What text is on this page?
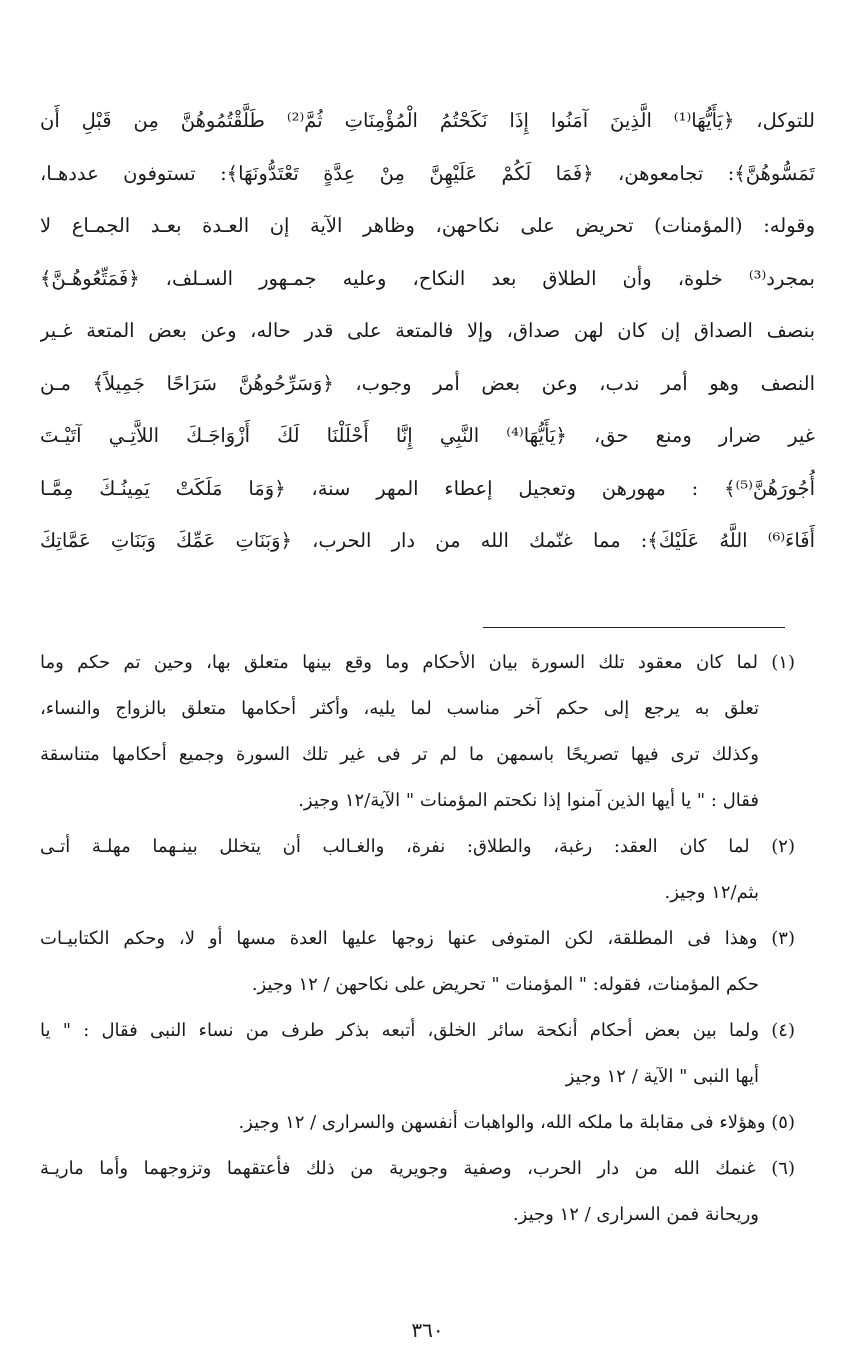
للتوكل، ﴿يَأَيُّهَا⁽¹⁾ الَّذِينَ آمَنُوا إِذَا نَكَحْتُمُ الْمُؤْمِنَاتِ ثُمَّ⁽²⁾ طَلَّقْتُمُوهُنَّ مِن قَبْلِ أَن
تَمَسُّوهُنَّ﴾: تجامعوهن، ﴿فَمَا لَكُمْ عَلَيْهِنَّ مِنْ عِدَّةٍ تَعْتَدُّونَهَا﴾: تستوفون عددهـا،
وقوله: (المؤمنات) تحريض على نكاحهن، وظاهر الآية إن العـدة بعـد الجمـاع لا
بمجرد⁽³⁾ خلوة، وأن الطلاق بعد النكاح، وعليه جمـهور السـلف، ﴿فَمَتِّعُوهُـنَّ﴾
بنصف الصداق إن كان لهن صداق، وإلا فالمتعة على قدر حاله، وعن بعض المتعة غـير
النصف وهو أمر ندب، وعن بعض أمر وجوب، ﴿وَسَرِّحُوهُنَّ سَرَاحًا جَمِيلاً﴾ مـن
غير ضرار ومنع حق، ﴿يَأَيُّهَا⁽⁴⁾ النَّبِي إِنَّا أَحْلَلْنَا لَكَ أَزْوَاجَـكَ اللاَّتِـي آتَيْـتَ
أُجُورَهُنَّ⁽⁵⁾﴾ : مهورهن وتعجيل إعطاء المهر سنة، ﴿وَمَا مَلَكَتْ يَمِينُـكَ مِمَّـا
أَفَاءَ⁽⁶⁾ اللَّهُ عَلَيْكَ﴾: مما غنّمك الله من دار الحرب، ﴿وَبَنَاتِ عَمِّكَ وَبَنَاتِ عَمَّاتِكَ
(١) لما كان معقود تلك السورة بيان الأحكام وما وقع بينها متعلق بها، وحين تم حكم وما
تعلق به يرجع إلى حكم آخر مناسب لما يليه، وأكثر أحكامها متعلق بالزواج والنساء،
وكذلك ترى فيها تصريحًا باسمهن ما لم تر فى غير تلك السورة وجميع أحكامها متناسقة
فقال : " يا أيها الذين آمنوا إذا نكحتم المؤمنات " الآية/١٢ وجيز.
(٢) لما كان العقد: رغبة، والطلاق: نفرة، والغـالب أن يتخلل بينـهما مهلـة أتـى
بثم/١٢ وجيز.
(٣) وهذا فى المطلقة، لكن المتوفى عنها زوجها عليها العدة مسها أو لا، وحكم الكتابيـات
حكم المؤمنات، فقوله: " المؤمنات " تحريض على نكاحهن / ١٢ وجيز.
(٤) ولما بين بعض أحكام أنكحة سائر الخلق، أتبعه بذكر طرف من نساء النبى فقال : " يا
أيها النبى " الآية / ١٢ وجيز
(٥) وهؤلاء فى مقابلة ما ملكه الله، والواهبات أنفسهن والسرارى / ١٢ وجيز.
(٦) غنمك الله من دار الحرب، وصفية وجويرية من ذلك فأعتقهما وتزوجهما وأما ماريـة
وريحانة فمن السرارى / ١٢ وجيز.
٣٦٠
